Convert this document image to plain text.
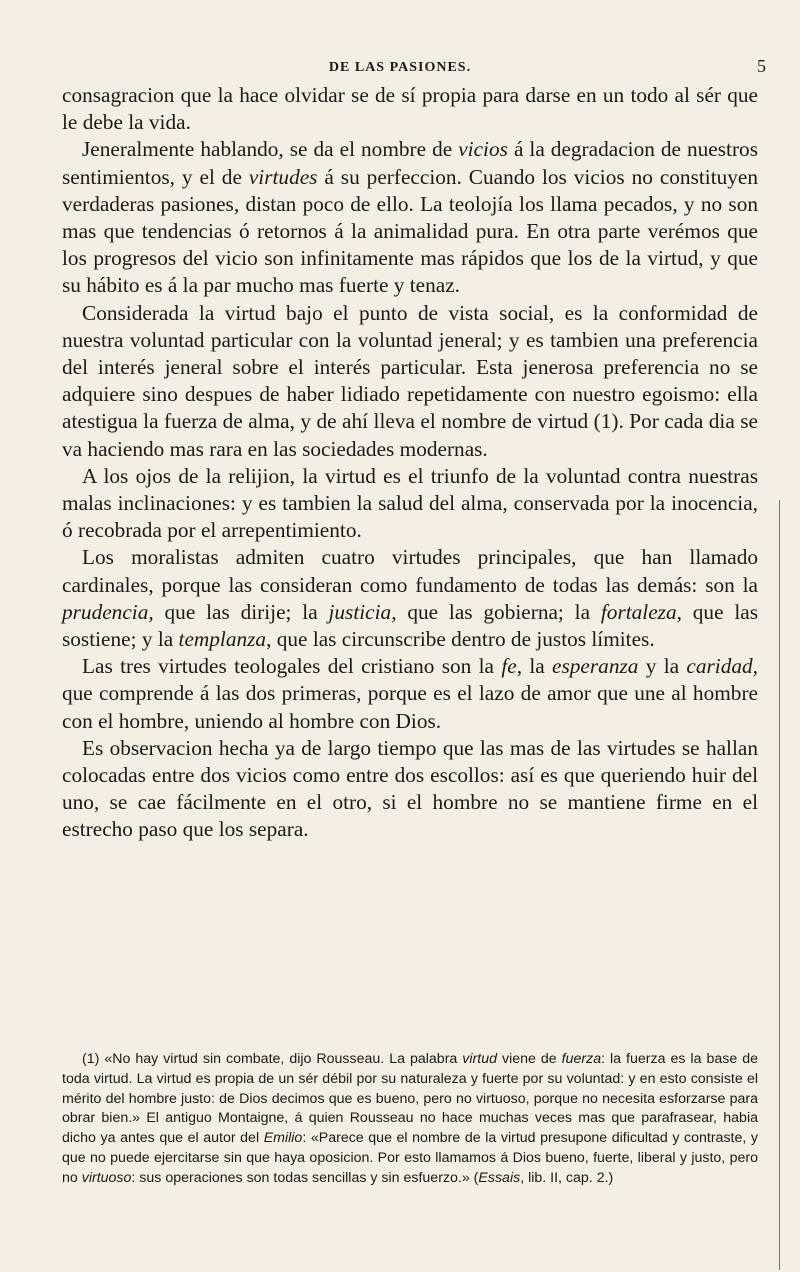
DE LAS PASIONES.	5

consagracion que la hace olvidar se de sí propia para darse en un todo al sér que le debe la vida.

Jeneralmente hablando, se da el nombre de vicios á la degradacion de nuestros sentimientos, y el de virtudes á su perfeccion. Cuando los vicios no constituyen verdaderas pasiones, distan poco de ello. La teolojía los llama pecados, y no son mas que tendencias ó retornos á la animalidad pura. En otra parte verémos que los progresos del vicio son infinitamente mas rápidos que los de la virtud, y que su hábito es á la par mucho mas fuerte y tenaz.

Considerada la virtud bajo el punto de vista social, es la conformidad de nuestra voluntad particular con la voluntad jeneral; y es tambien una preferencia del interés jeneral sobre el interés particular. Esta jenerosa preferencia no se adquiere sino despues de haber lidiado repetidamente con nuestro egoismo: ella atestigua la fuerza de alma, y de ahí lleva el nombre de virtud (1). Por cada dia se va haciendo mas rara en las sociedades modernas.

A los ojos de la relijion, la virtud es el triunfo de la voluntad contra nuestras malas inclinaciones: y es tambien la salud del alma, conservada por la inocencia, ó recobrada por el arrepentimiento.

Los moralistas admiten cuatro virtudes principales, que han llamado cardinales, porque las consideran como fundamento de todas las demás: son la prudencia, que las dirije; la justicia, que las gobierna; la fortaleza, que las sostiene; y la templanza, que las circunscribe dentro de justos límites.

Las tres virtudes teologales del cristiano son la fe, la esperanza y la caridad, que comprende á las dos primeras, porque es el lazo de amor que une al hombre con el hombre, uniendo al hombre con Dios.

Es observacion hecha ya de largo tiempo que las mas de las virtudes se hallan colocadas entre dos vicios como entre dos escollos: así es que queriendo huir del uno, se cae fácilmente en el otro, si el hombre no se mantiene firme en el estrecho paso que los separa.

(1) «No hay virtud sin combate, dijo Rousseau. La palabra virtud viene de fuerza: la fuerza es la base de toda virtud. La virtud es propia de un sér débil por su naturaleza y fuerte por su voluntad: y en esto consiste el mérito del hombre justo: de Dios decimos que es bueno, pero no virtuoso, porque no necesita esforzarse para obrar bien.» El antiguo Montaigne, á quien Rousseau no hace muchas veces mas que parafrasear, habia dicho ya antes que el autor del Emilio: «Parece que el nombre de la virtud presupone dificultad y contraste, y que no puede ejercitarse sin que haya oposicion. Por esto llamamos á Dios bueno, fuerte, liberal y justo, pero no virtuoso: sus operaciones son todas sencillas y sin esfuerzo.» (Essais, lib. II, cap. 2.)
